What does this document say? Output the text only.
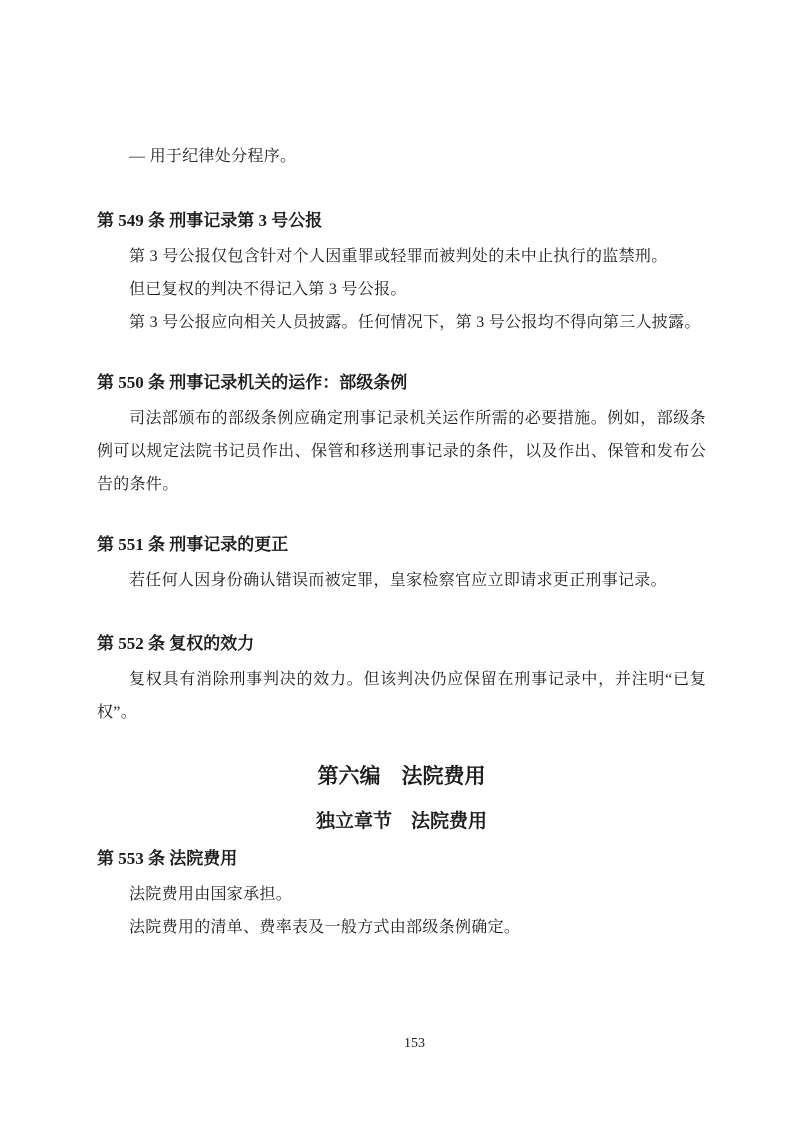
— 用于纪律处分程序。

第 549 条 刑事记录第 3 号公报

第 3 号公报仅包含针对个人因重罪或轻罪而被判处的未中止执行的监禁刑。

但已复权的判决不得记入第 3 号公报。

第 3 号公报应向相关人员披露。任何情况下，第 3 号公报均不得向第三人披露。

第 550 条 刑事记录机关的运作：部级条例

司法部颁布的部级条例应确定刑事记录机关运作所需的必要措施。例如，部级条例可以规定法院书记员作出、保管和移送刑事记录的条件，以及作出、保管和发布公告的条件。

第 551 条 刑事记录的更正

若任何人因身份确认错误而被定罪，皇家检察官应立即请求更正刑事记录。

第 552 条 复权的效力

复权具有消除刑事判决的效力。但该判决仍应保留在刑事记录中，并注明“已复权”。

第六编　法院费用
独立章节　法院费用
第 553 条 法院费用

法院费用由国家承担。

法院费用的清单、费率表及一般方式由部级条例确定。

153
